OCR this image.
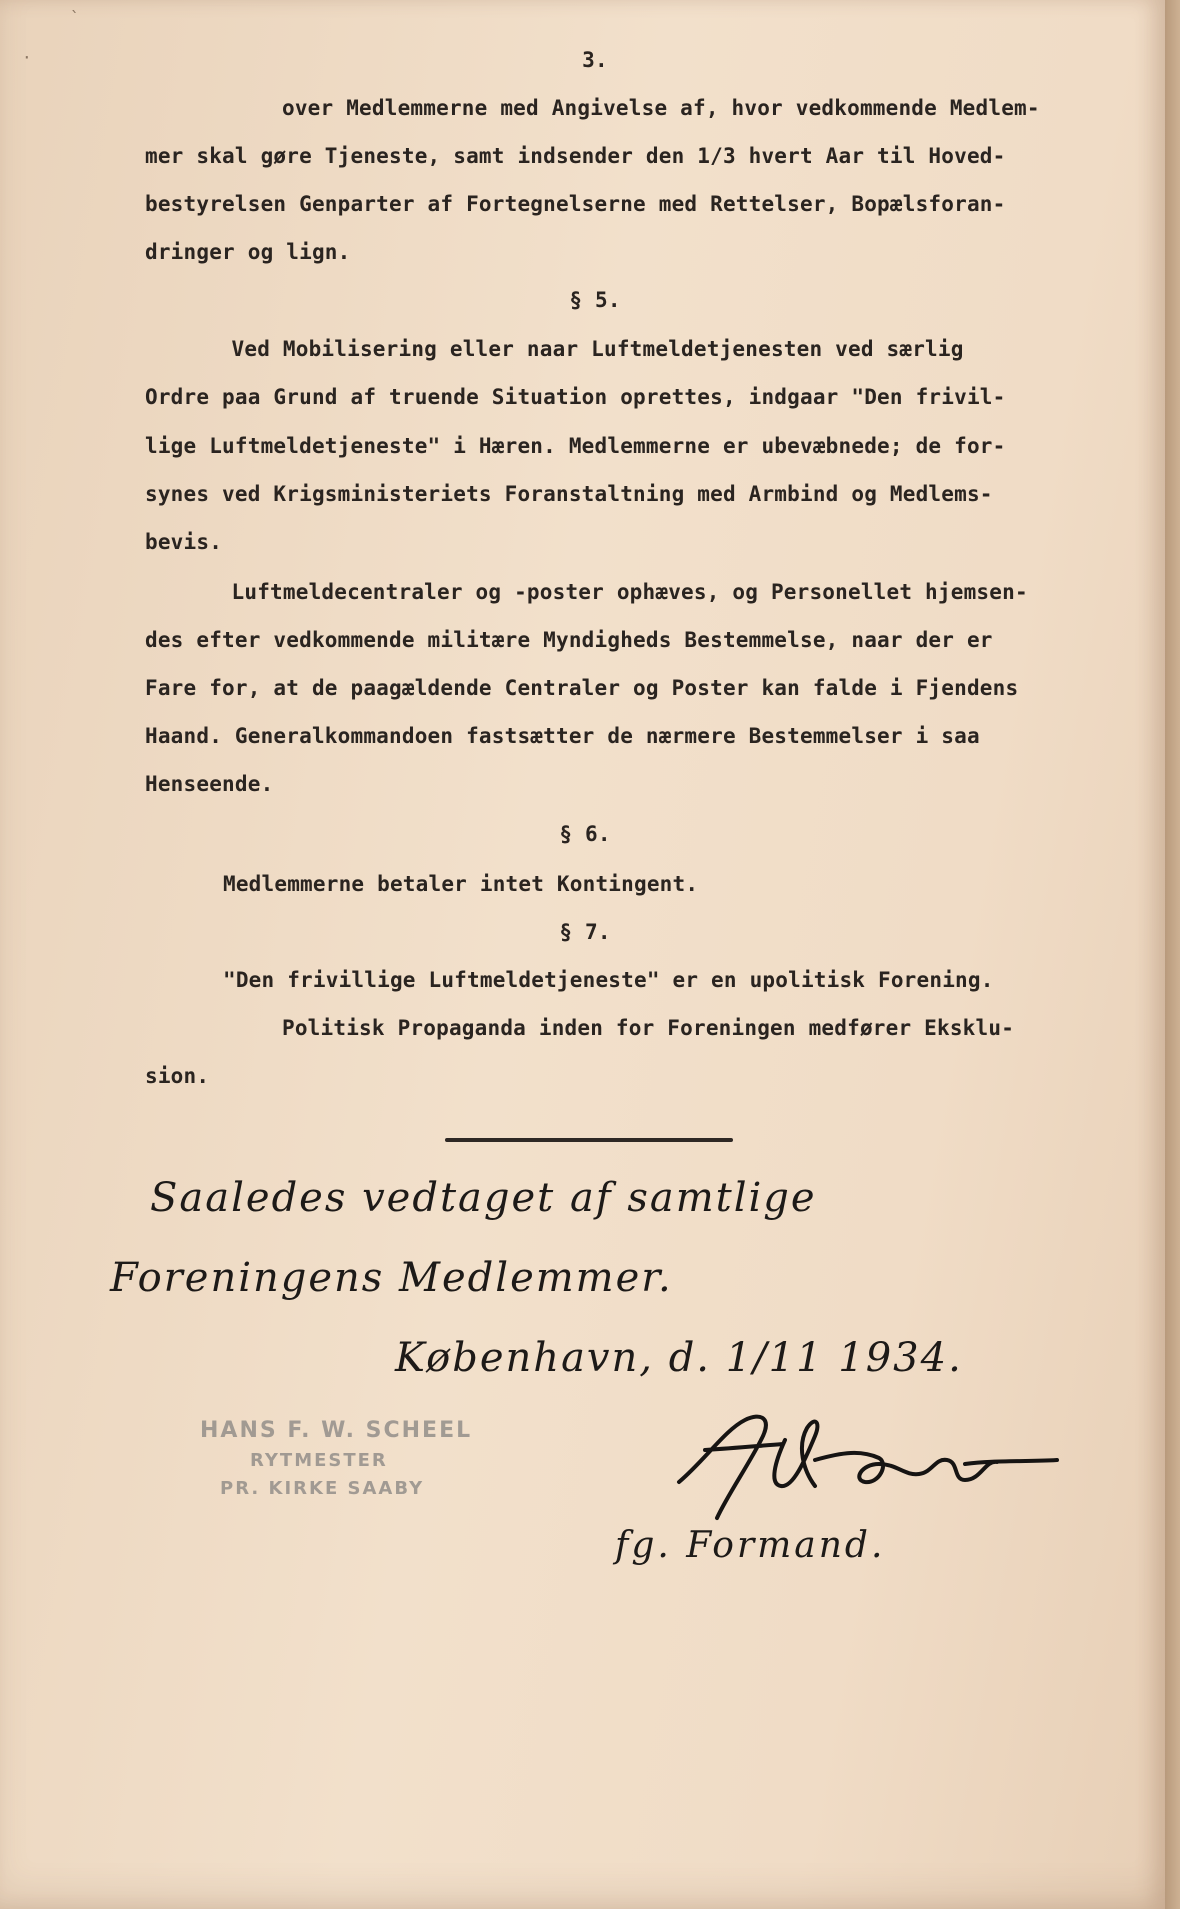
`
·	3.

over Medlemmerne med Angivelse af, hvor vedkommende Medlem-

mer skal gøre Tjeneste, samt indsender den 1/3 hvert Aar til Hoved-

bestyrelsen Genparter af Fortegnelserne med Rettelser, Bopælsforan-

dringer og lign.

§ 5.

Ved Mobilisering eller naar Luftmeldetjenesten ved særlig

Ordre paa Grund af truende Situation oprettes, indgaar "Den frivil-

lige Luftmeldetjeneste" i Hæren. Medlemmerne er ubevæbnede; de for-

synes ved Krigsministeriets Foranstaltning med Armbind og Medlems-

bevis.

Luftmeldecentraler og -poster ophæves, og Personellet hjemsen-

des efter vedkommende militære Myndigheds Bestemmelse, naar der er

Fare for, at de paagældende Centraler og Poster kan falde i Fjendens

Haand. Generalkommandoen fastsætter de nærmere Bestemmelser i saa

Henseende.

§ 6.

Medlemmerne betaler intet Kontingent.

§ 7.

"Den frivillige Luftmeldetjeneste" er en upolitisk Forening.

Politisk Propaganda inden for Foreningen medfører Eksklu-

sion.

Saaledes vedtaget af samtlige

Foreningens Medlemmer.

København, d. 1/11 1934.

HANS F. W. SCHEEL

RYTMESTER

PR. KIRKE SAABY

F. Scheel

fg. Formand.
